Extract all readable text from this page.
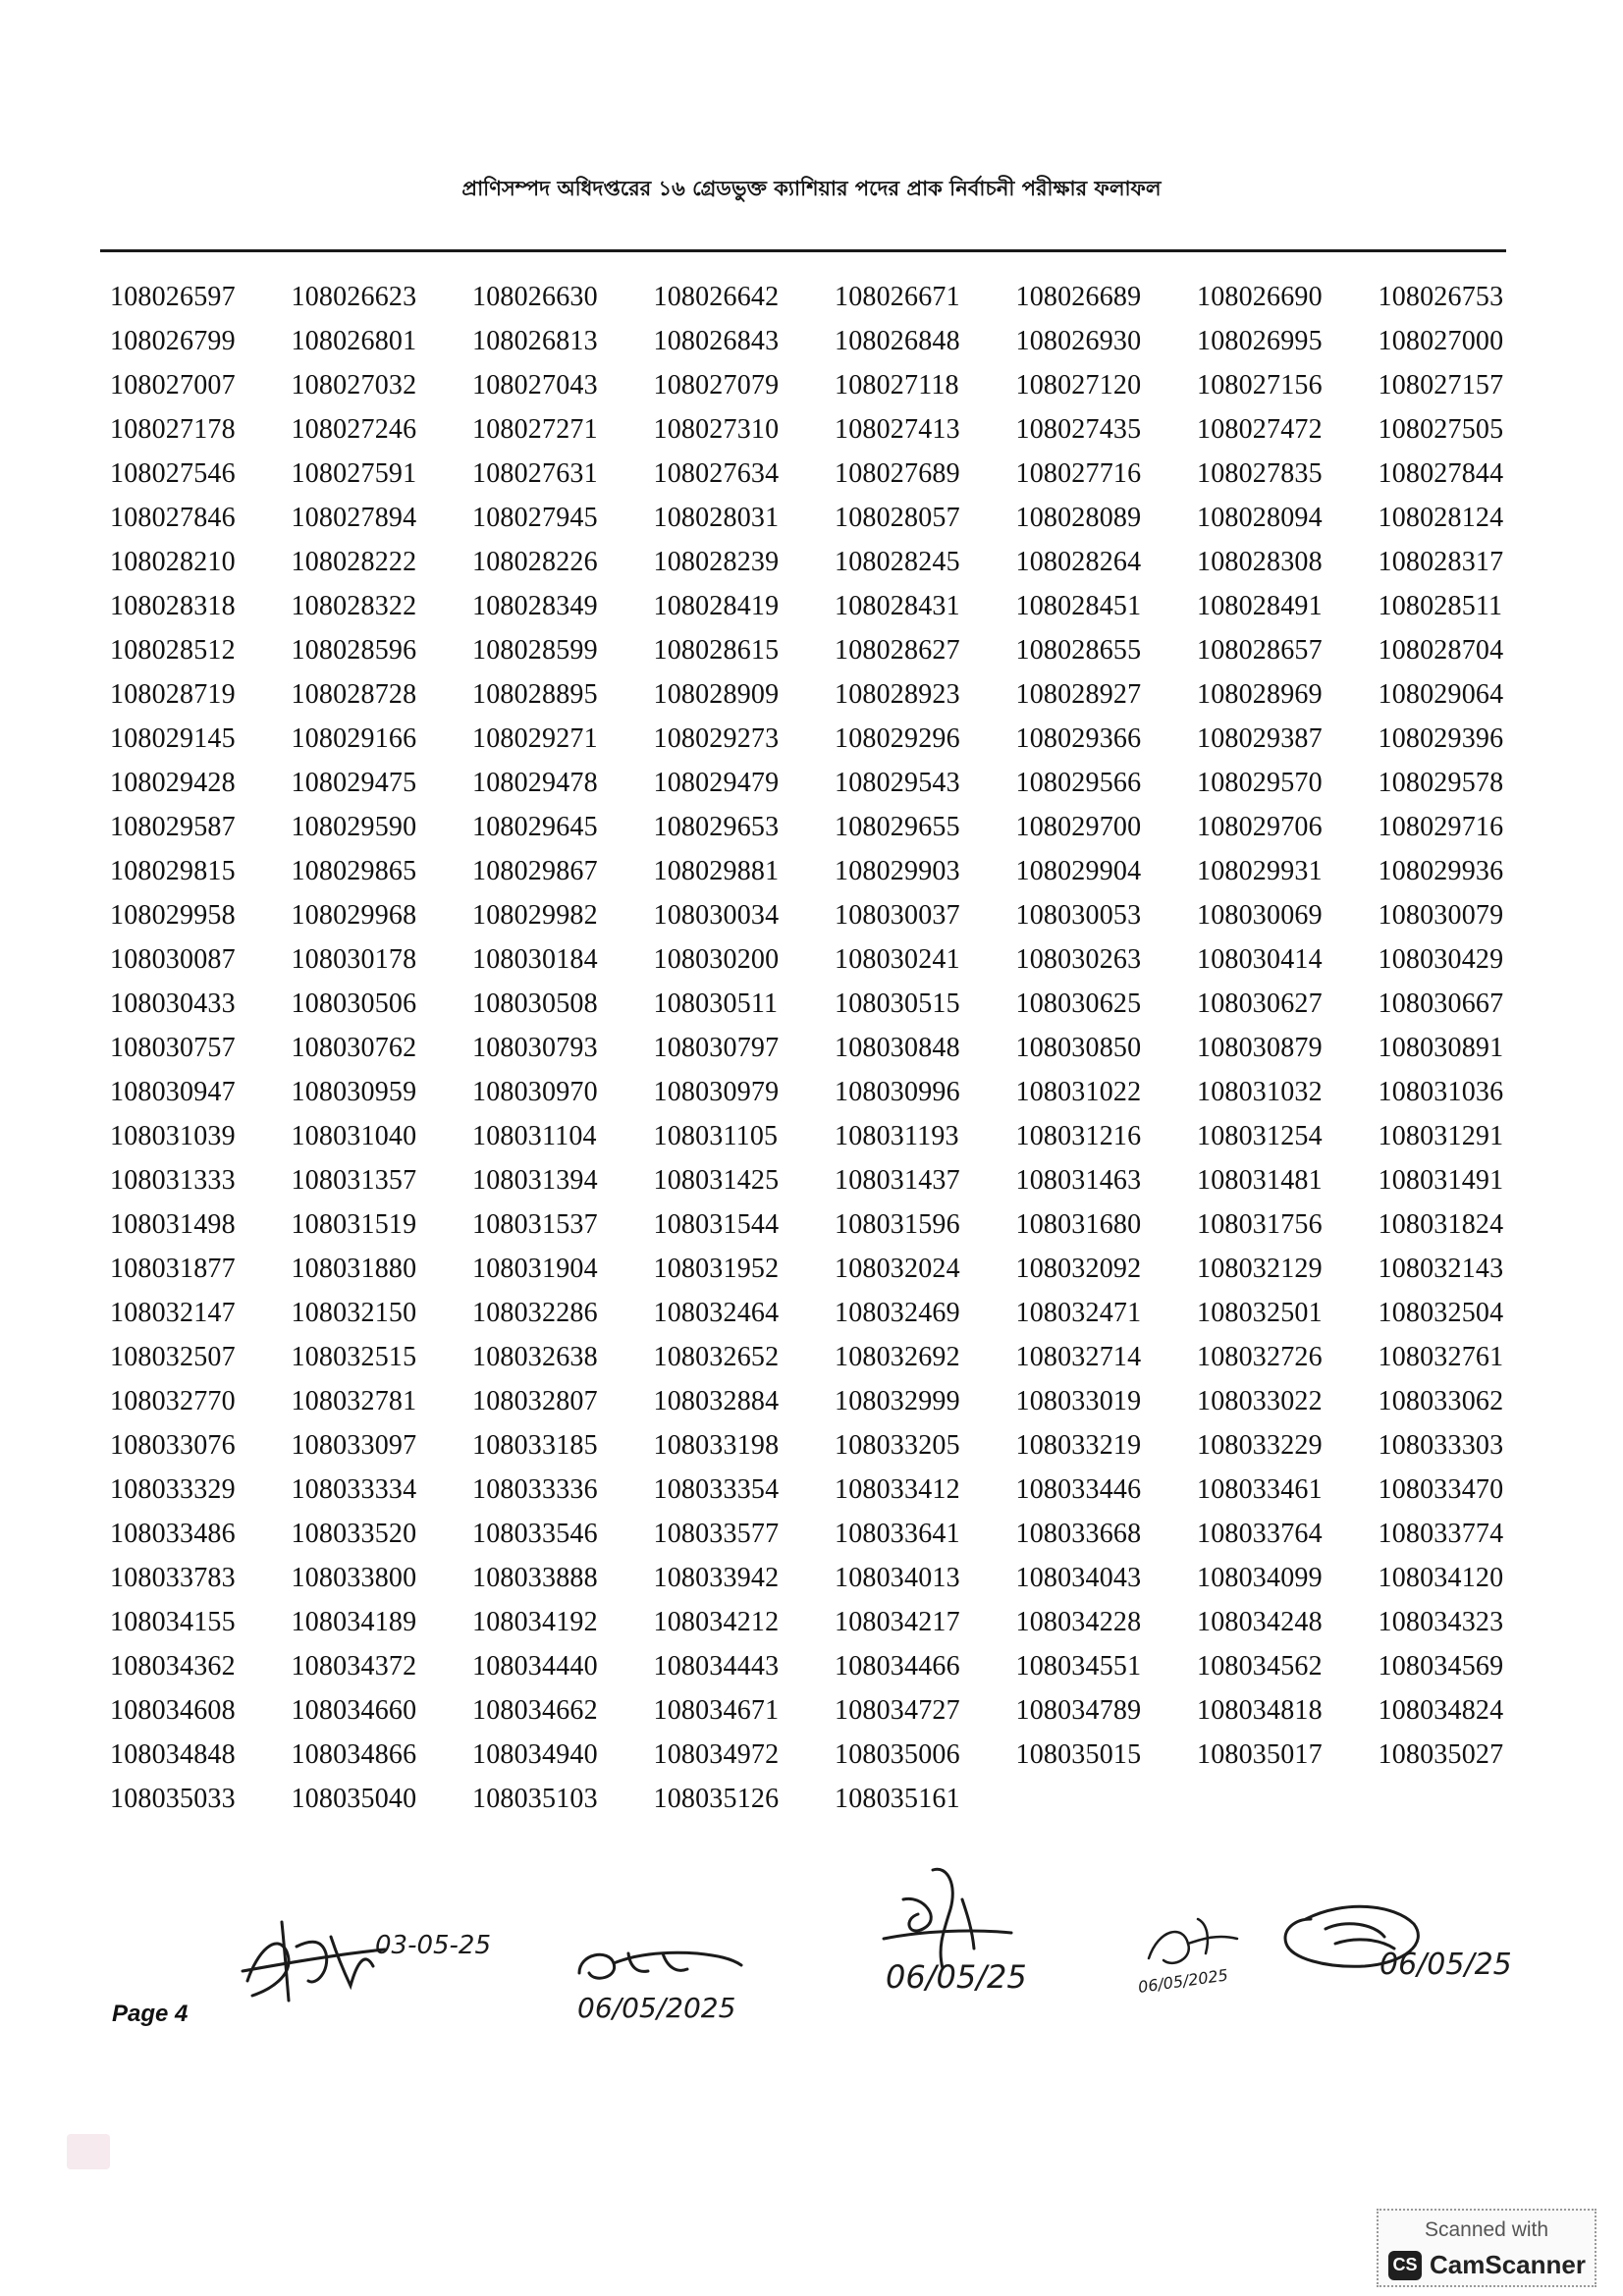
প্রাণিসম্পদ অধিদপ্তরের ১৬ গ্রেডভুক্ত ক্যাশিয়ার পদের প্রাক নির্বাচনী পরীক্ষার ফলাফল
108026597	108026623	108026630	108026642	108026671	108026689	108026690	108026753
108026799	108026801	108026813	108026843	108026848	108026930	108026995	108027000
108027007	108027032	108027043	108027079	108027118	108027120	108027156	108027157
108027178	108027246	108027271	108027310	108027413	108027435	108027472	108027505
108027546	108027591	108027631	108027634	108027689	108027716	108027835	108027844
108027846	108027894	108027945	108028031	108028057	108028089	108028094	108028124
108028210	108028222	108028226	108028239	108028245	108028264	108028308	108028317
108028318	108028322	108028349	108028419	108028431	108028451	108028491	108028511
108028512	108028596	108028599	108028615	108028627	108028655	108028657	108028704
108028719	108028728	108028895	108028909	108028923	108028927	108028969	108029064
108029145	108029166	108029271	108029273	108029296	108029366	108029387	108029396
108029428	108029475	108029478	108029479	108029543	108029566	108029570	108029578
108029587	108029590	108029645	108029653	108029655	108029700	108029706	108029716
108029815	108029865	108029867	108029881	108029903	108029904	108029931	108029936
108029958	108029968	108029982	108030034	108030037	108030053	108030069	108030079
108030087	108030178	108030184	108030200	108030241	108030263	108030414	108030429
108030433	108030506	108030508	108030511	108030515	108030625	108030627	108030667
108030757	108030762	108030793	108030797	108030848	108030850	108030879	108030891
108030947	108030959	108030970	108030979	108030996	108031022	108031032	108031036
108031039	108031040	108031104	108031105	108031193	108031216	108031254	108031291
108031333	108031357	108031394	108031425	108031437	108031463	108031481	108031491
108031498	108031519	108031537	108031544	108031596	108031680	108031756	108031824
108031877	108031880	108031904	108031952	108032024	108032092	108032129	108032143
108032147	108032150	108032286	108032464	108032469	108032471	108032501	108032504
108032507	108032515	108032638	108032652	108032692	108032714	108032726	108032761
108032770	108032781	108032807	108032884	108032999	108033019	108033022	108033062
108033076	108033097	108033185	108033198	108033205	108033219	108033229	108033303
108033329	108033334	108033336	108033354	108033412	108033446	108033461	108033470
108033486	108033520	108033546	108033577	108033641	108033668	108033764	108033774
108033783	108033800	108033888	108033942	108034013	108034043	108034099	108034120
108034155	108034189	108034192	108034212	108034217	108034228	108034248	108034323
108034362	108034372	108034440	108034443	108034466	108034551	108034562	108034569
108034608	108034660	108034662	108034671	108034727	108034789	108034818	108034824
108034848	108034866	108034940	108034972	108035006	108035015	108035017	108035027
108035033	108035040	108035103	108035126	108035161
Page 4
03-05-25
06/05/2025
06/05/25	06/05/2025	06/05/25
Scanned with
CS CamScanner
